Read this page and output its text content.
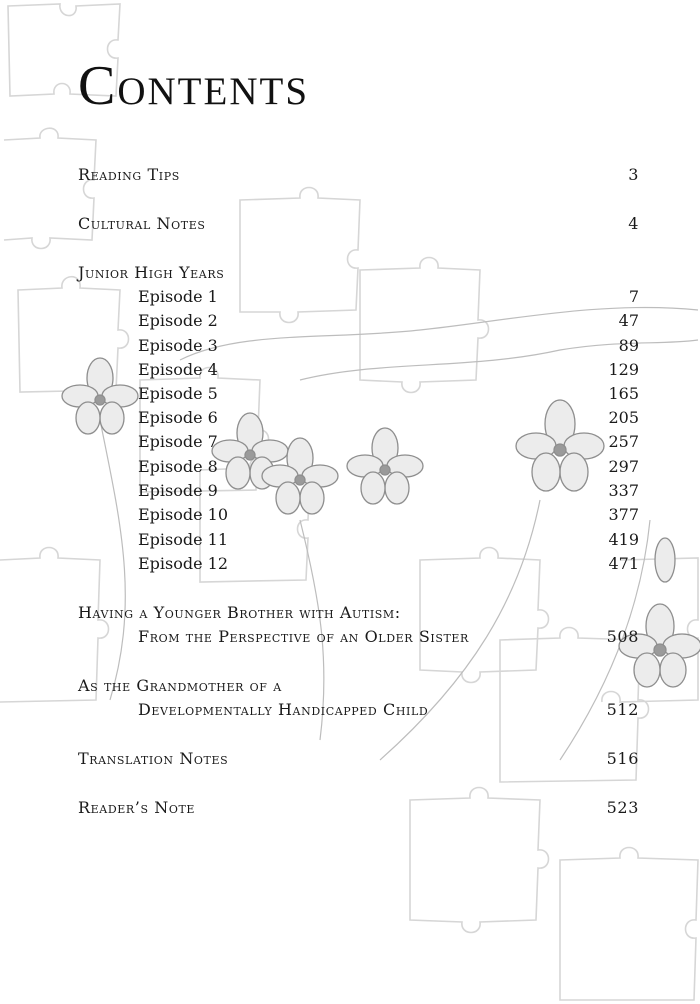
Contents
Reading Tips	3
Cultural Notes	4
Junior High Years
Episode 1	7
Episode 2	47
Episode 3	89
Episode 4	129
Episode 5	165
Episode 6	205
Episode 7	257
Episode 8	297
Episode 9	337
Episode 10	377
Episode 11	419
Episode 12	471
Having a Younger Brother with Autism:
From the Perspective of an Older Sister	508
As the Grandmother of a
Developmentally Handicapped Child	512
Translation Notes	516
Reader’s Note	523
